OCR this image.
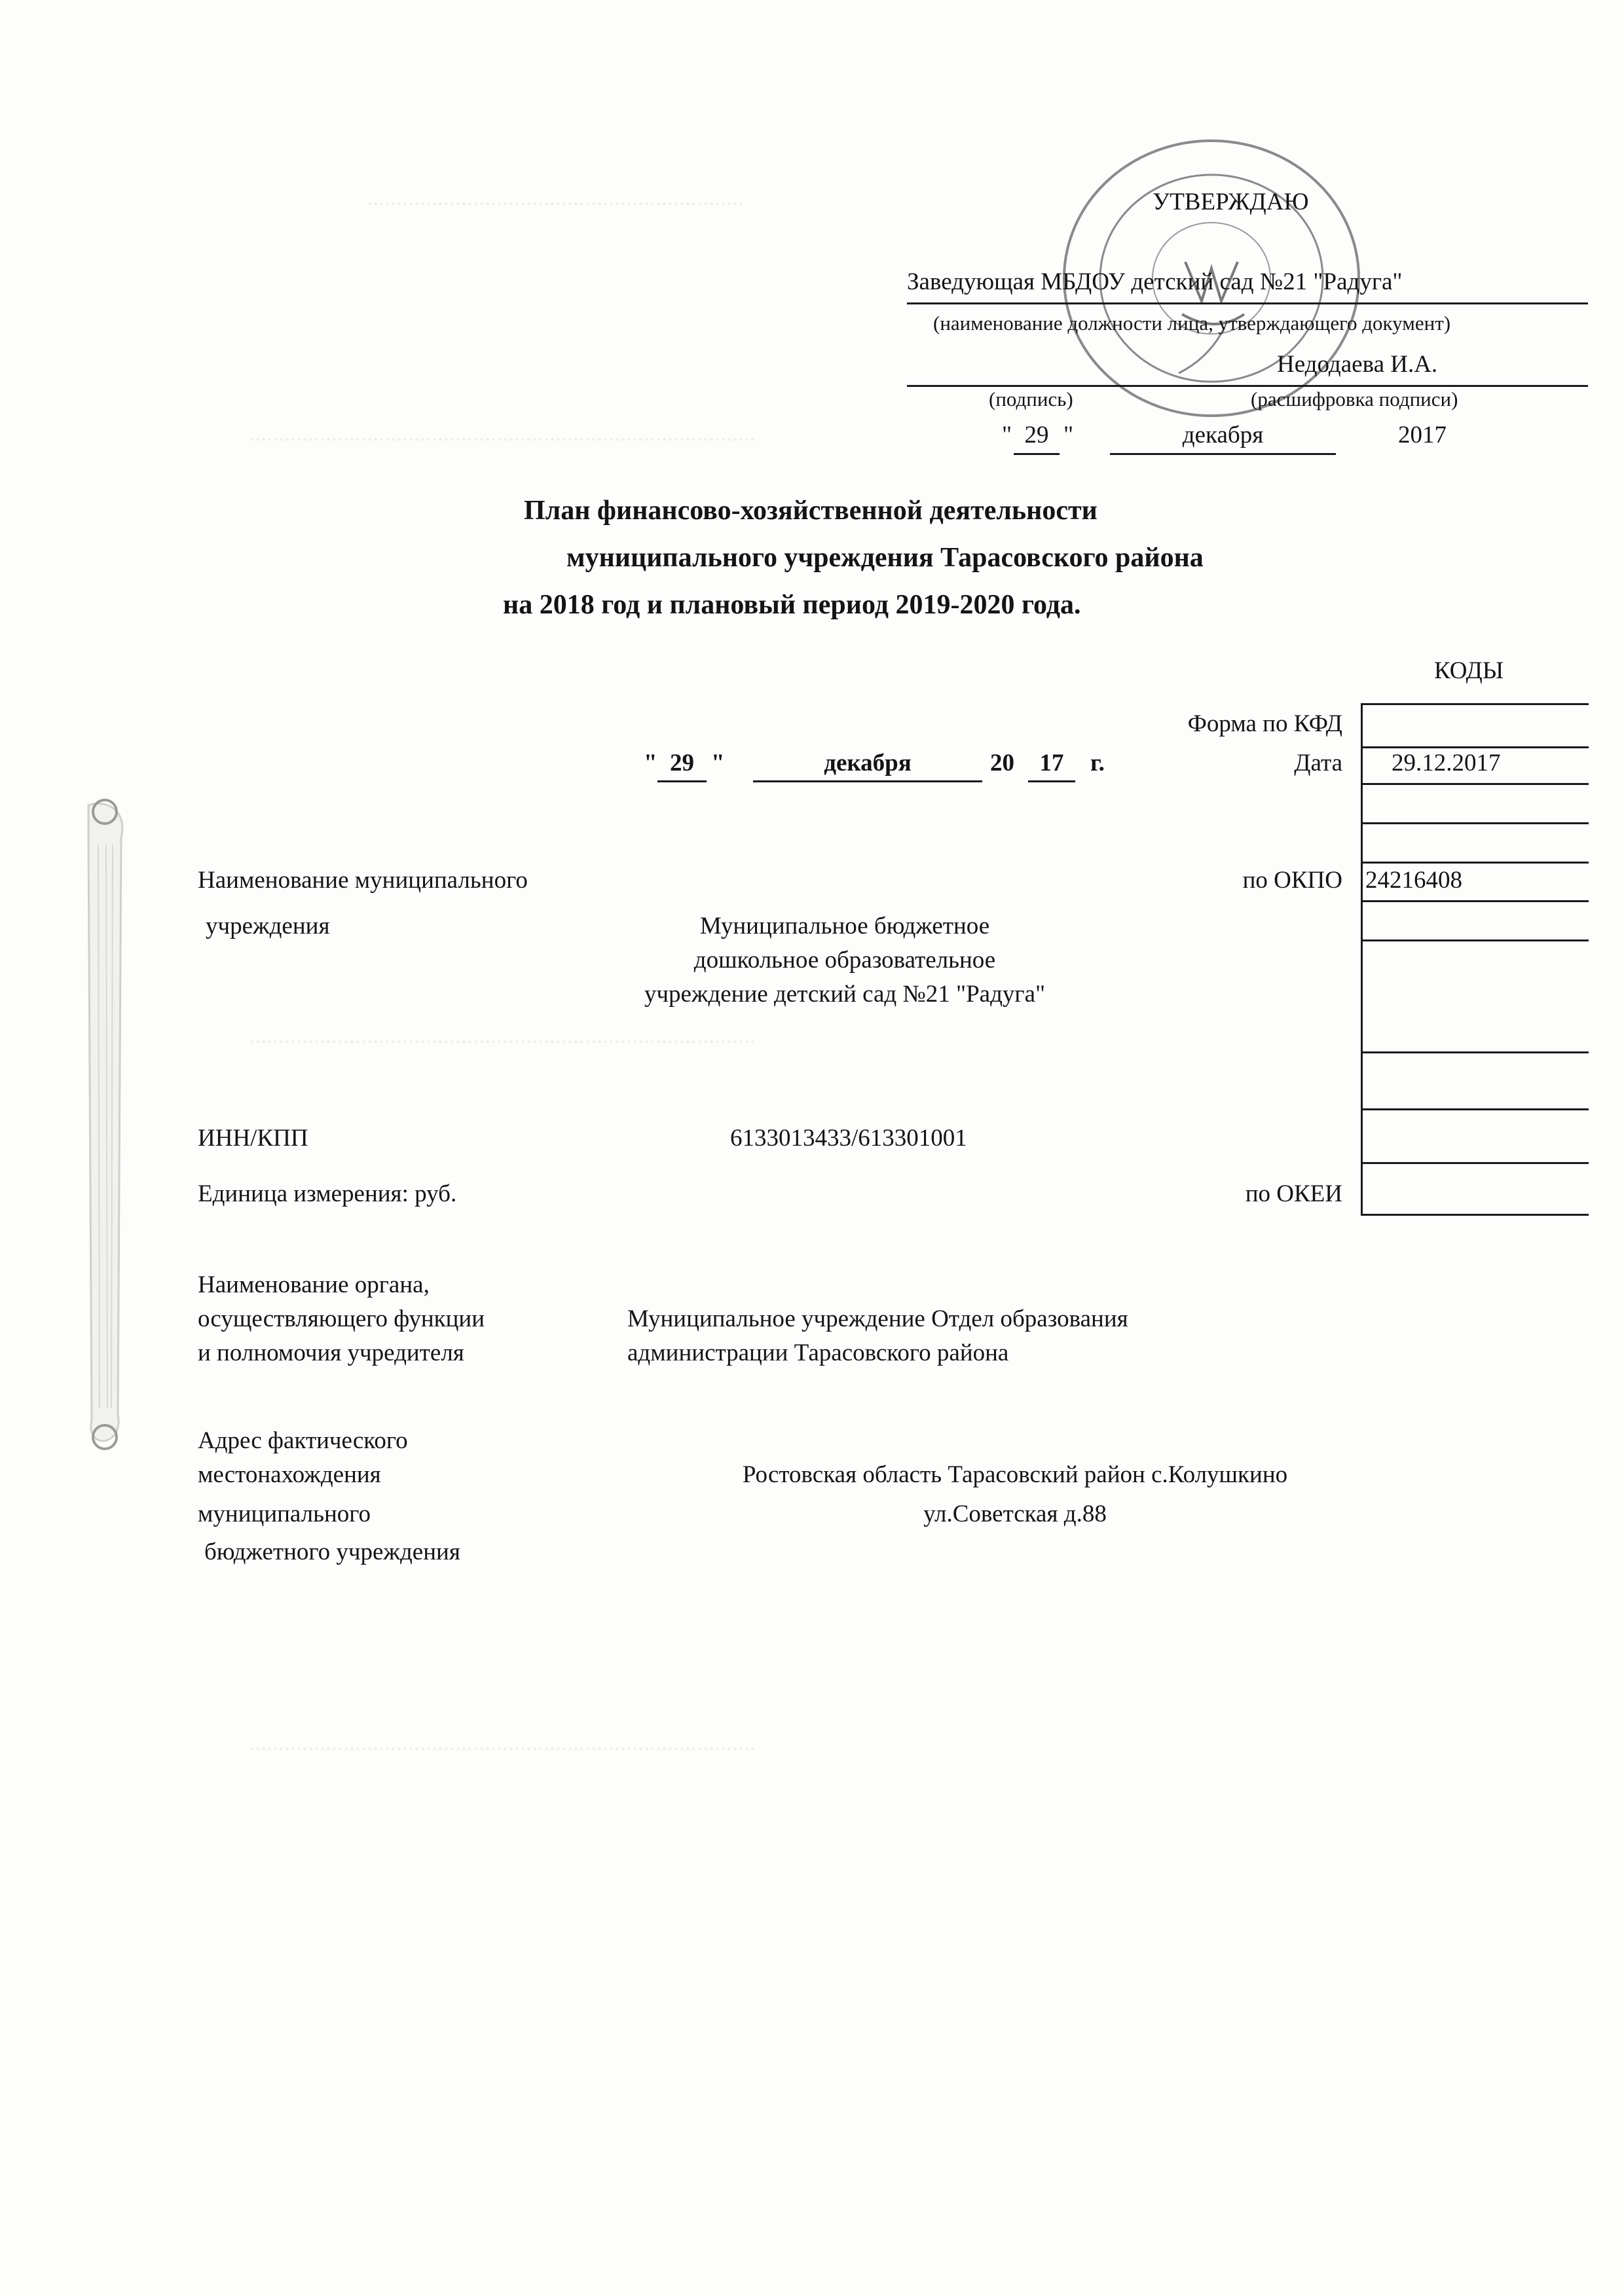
................................................................
......................................................................................
......................................................................................
......................................................................................
УТВЕРЖДАЮ
Заведующая МБДОУ детский сад №21 "Радуга"
(наименование должности лица, утверждающего документ)
Недодаева И.А.
(подпись)	(расшифровка подписи)
" 29 "	декабря	2017
План финансово-хозяйственной деятельности
муниципального учреждения Тарасовского района
на 2018 год и плановый период 2019-2020 года.
КОДЫ
Форма по КФД
Дата 29.12.2017
по ОКПО 24216408
по ОКЕИ
" 29 "	декабря	20	17	г.
Наименование муниципального
учреждения	Муниципальное бюджетное
дошкольное образовательное
учреждение детский сад №21 "Радуга"
ИНН/КПП	6133013433/613301001
Единица измерения: руб.
Наименование органа,
осуществляющего функции
и полномочия учредителя
Муниципальное учреждение Отдел образования
администрации Тарасовского района
Адрес фактического
местонахождения
муниципального
бюджетного учреждения
Ростовская область Тарасовский район с.Колушкино
ул.Советская д.88
